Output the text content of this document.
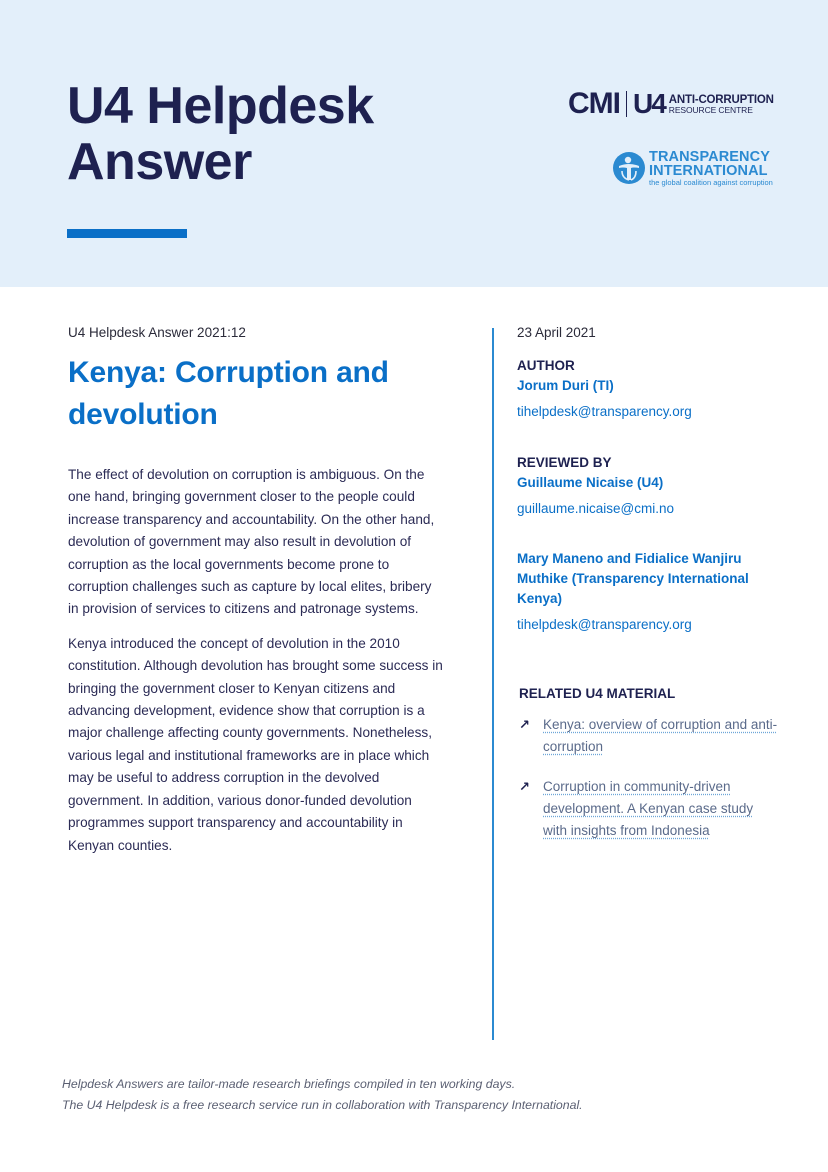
U4 Helpdesk
Answer
CMI U4 ANTI-CORRUPTION
RESOURCE CENTRE
TRANSPARENCY
INTERNATIONAL
the global coalition against corruption
U4 Helpdesk Answer 2021:12
Kenya: Corruption and devolution

The effect of devolution on corruption is ambiguous. On the one hand, bringing government closer to the people could increase transparency and accountability. On the other hand, devolution of government may also result in devolution of corruption as the local governments become prone to corruption challenges such as capture by local elites, bribery in provision of services to citizens and patronage systems.

Kenya introduced the concept of devolution in the 2010 constitution. Although devolution has brought some success in bringing the government closer to Kenyan citizens and advancing development, evidence show that corruption is a major challenge affecting county governments. Nonetheless, various legal and institutional frameworks are in place which may be useful to address corruption in the devolved government. In addition, various donor-funded devolution programmes support transparency and accountability in Kenyan counties.

23 April 2021
AUTHOR
Jorum Duri (TI)
tihelpdesk@transparency.org
REVIEWED BY
Guillaume Nicaise (U4)
guillaume.nicaise@cmi.no
Mary Maneno and Fidialice Wanjiru Muthike (Transparency International Kenya)
tihelpdesk@transparency.org
RELATED U4 MATERIAL
↗ Kenya: overview of corruption and anti-corruption
↗ Corruption in community-driven development. A Kenyan case study with insights from Indonesia

Helpdesk Answers are tailor-made research briefings compiled in ten working days.

The U4 Helpdesk is a free research service run in collaboration with Transparency International.
